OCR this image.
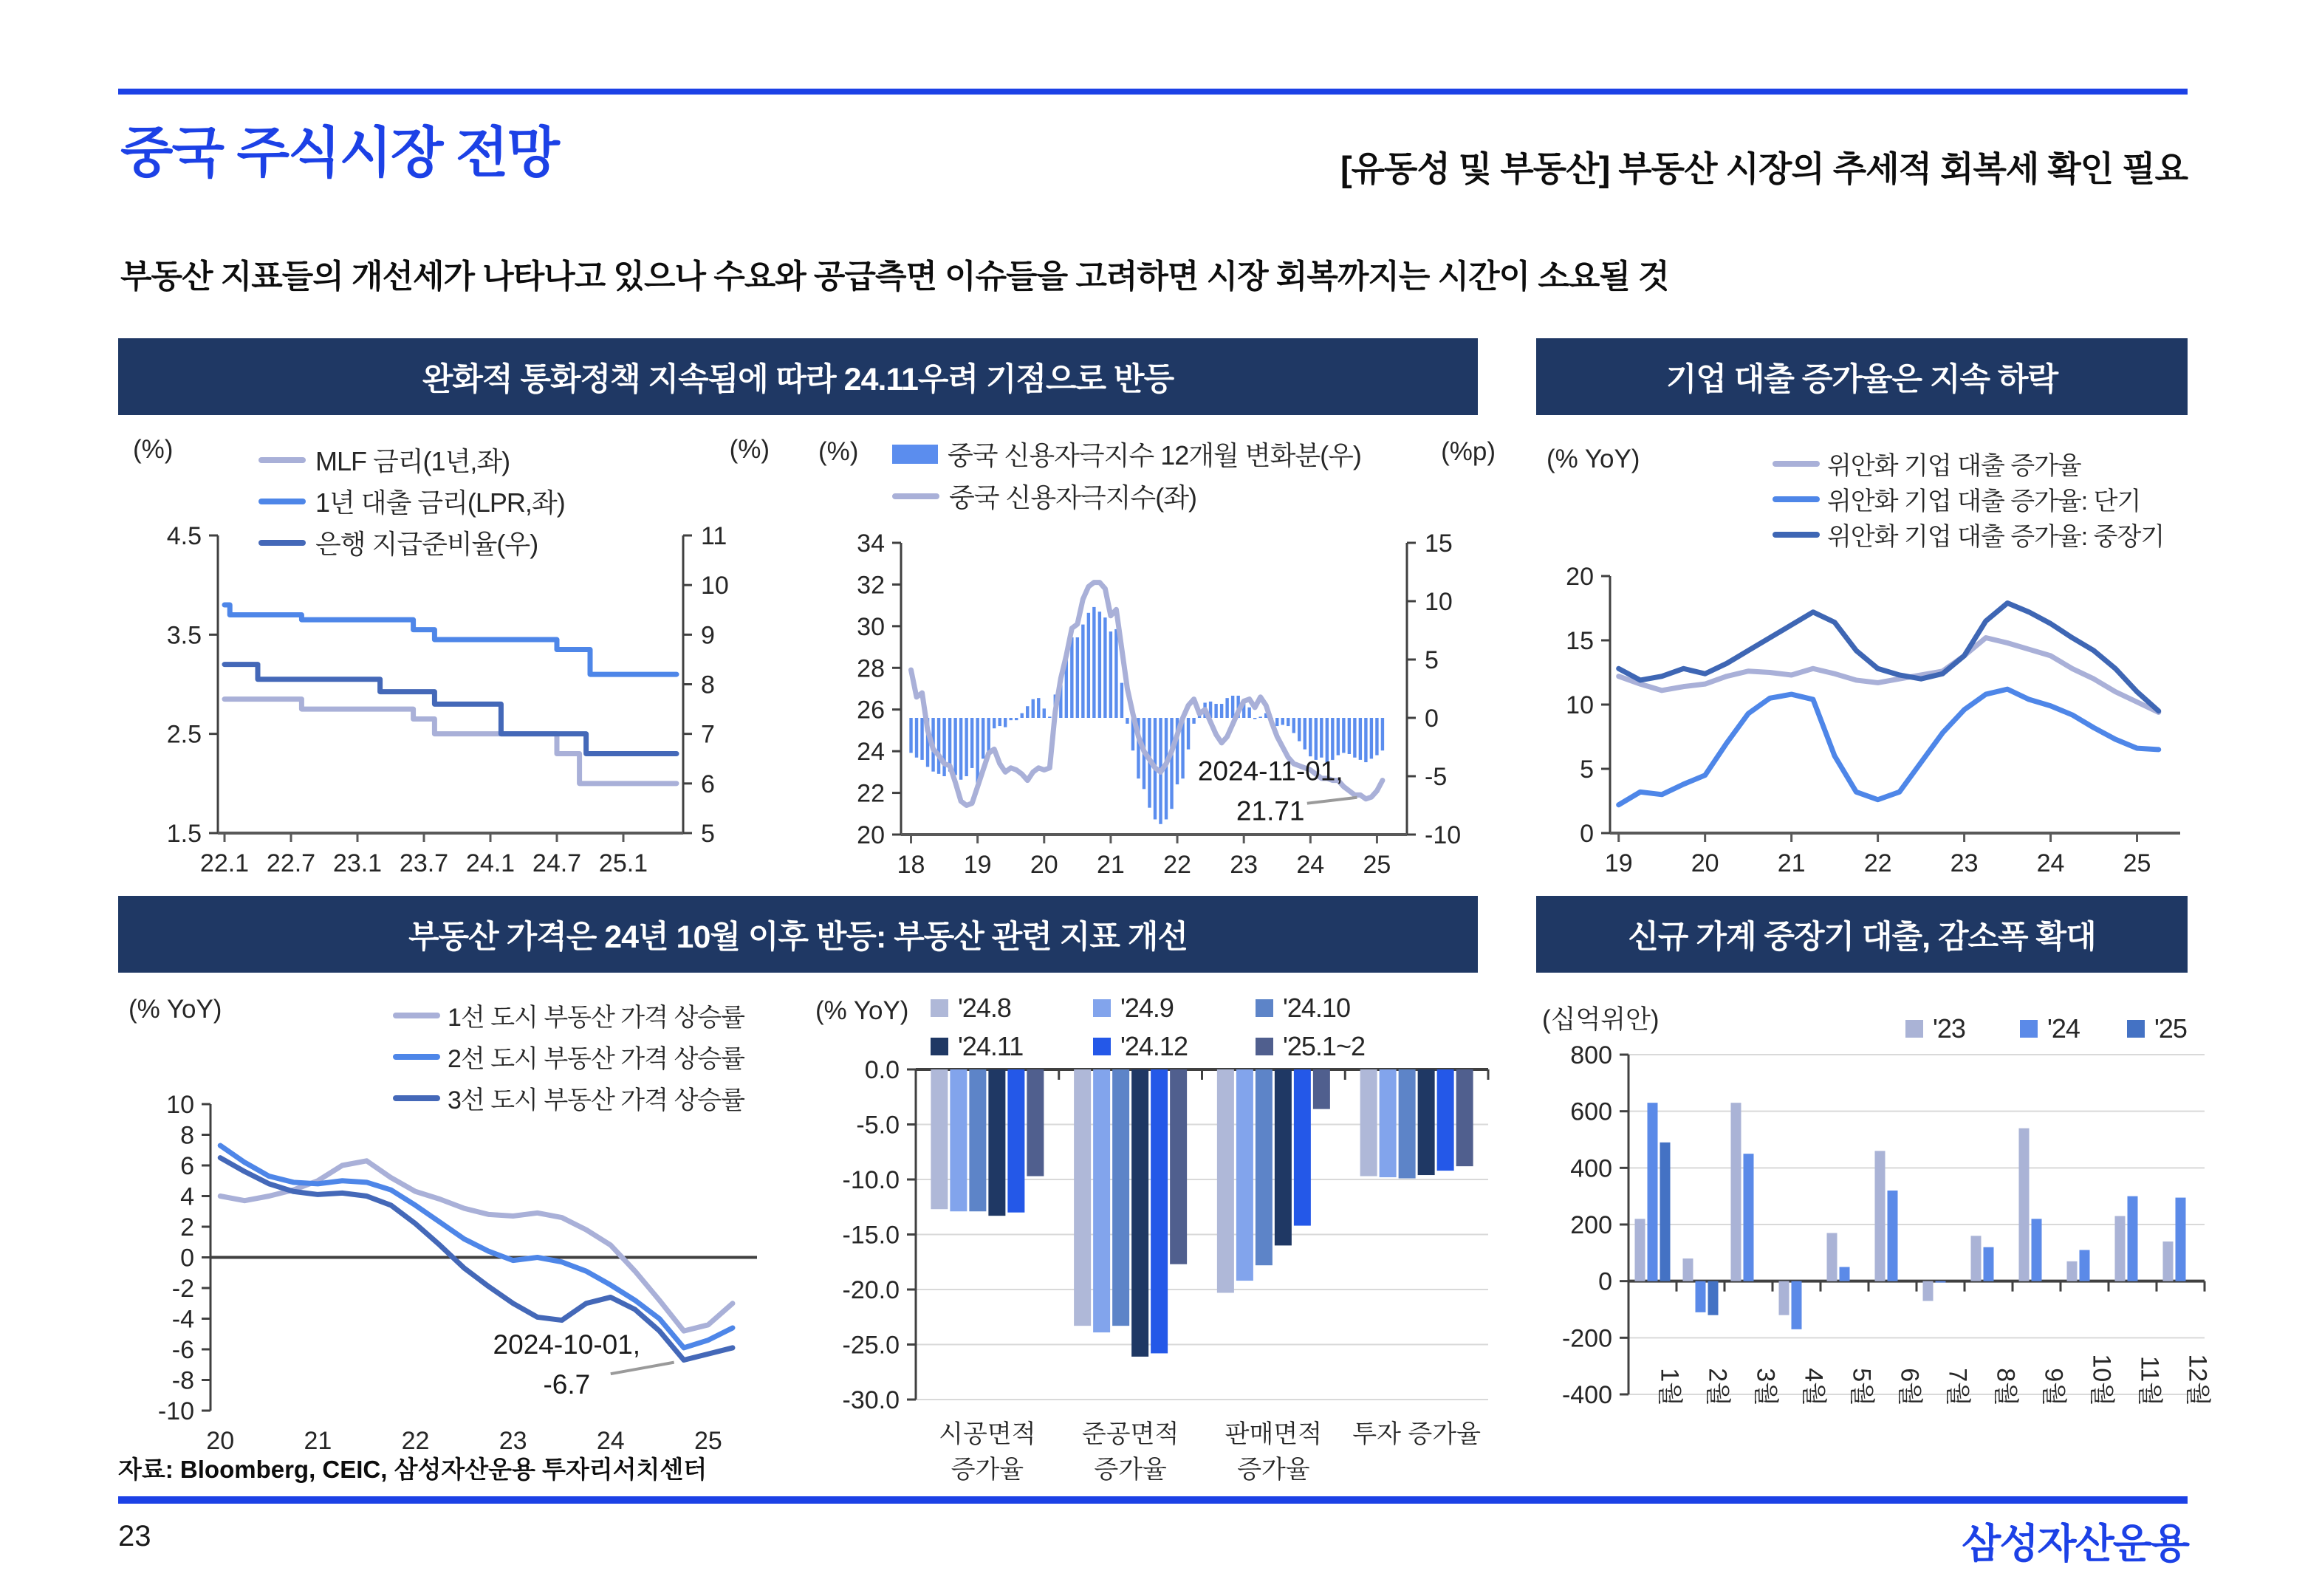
중국 주식시장 전망	[유동성 및 부동산] 부동산 시장의 추세적 회복세 확인 필요
부동산 지표들의 개선세가 나타나고 있으나 수요와 공급측면 이슈들을 고려하면 시장 회복까지는 시간이 소요될 것
완화적 통화정책 지속됨에 따라 24.11우려 기점으로 반등	기업 대출 증가율은 지속 하락
부동산 가격은 24년 10월 이후 반등: 부동산 관련 지표 개선	신규 가계 중장기 대출, 감소폭 확대
4.5
3.5
2.5
1.5
11
10
9
8
7
6
5
22.1 22.7 23.1 23.7 24.1 24.7 25.1
(%)	(%)
MLF 금리(1년,좌)
1년 대출 금리(LPR,좌)
은행 지급준비율(우)	34
32
30
28
26
24
22
20
15
10
5
0
-5
-10
18 19 20 21 22 23 24 25
2024-11-01,
21.71
(%)	(%p)
중국 신용자극지수 12개월 변화분(우)
중국 신용자극지수(좌)
20
15
10
5
0
19 20 21 22 23 24 25
(% YoY)	위안화 기업 대출 증가율
위안화 기업 대출 증가율: 단기
위안화 기업 대출 증가율: 중장기
10
8
6
4
2
0
-2
-4
-6
-8
-10
20	21	22	23	24	25
2024-10-01,
-6.7
(% YoY)	1선 도시 부동산 가격 상승률
2선 도시 부동산 가격 상승률
3선 도시 부동산 가격 상승률
0.0
-5.0
-10.0
-15.0
-20.0
-25.0
-30.0
시공면적
증가율
준공면적
증가율
판매면적
증가율
투자 증가율
(% YoY) '24.8	'24.9	'24.10
'24.11	'24.12	'25.1~2	800
600
400
200
0
-200
-400 1월 2월 3월 4월 5월 6월 7월 8월 9월 10월 11월 12월
(십억위안)	'23	'24	'25
자료: Bloomberg, CEIC, 삼성자산운용 투자리서치센터
23	삼성자산운용
